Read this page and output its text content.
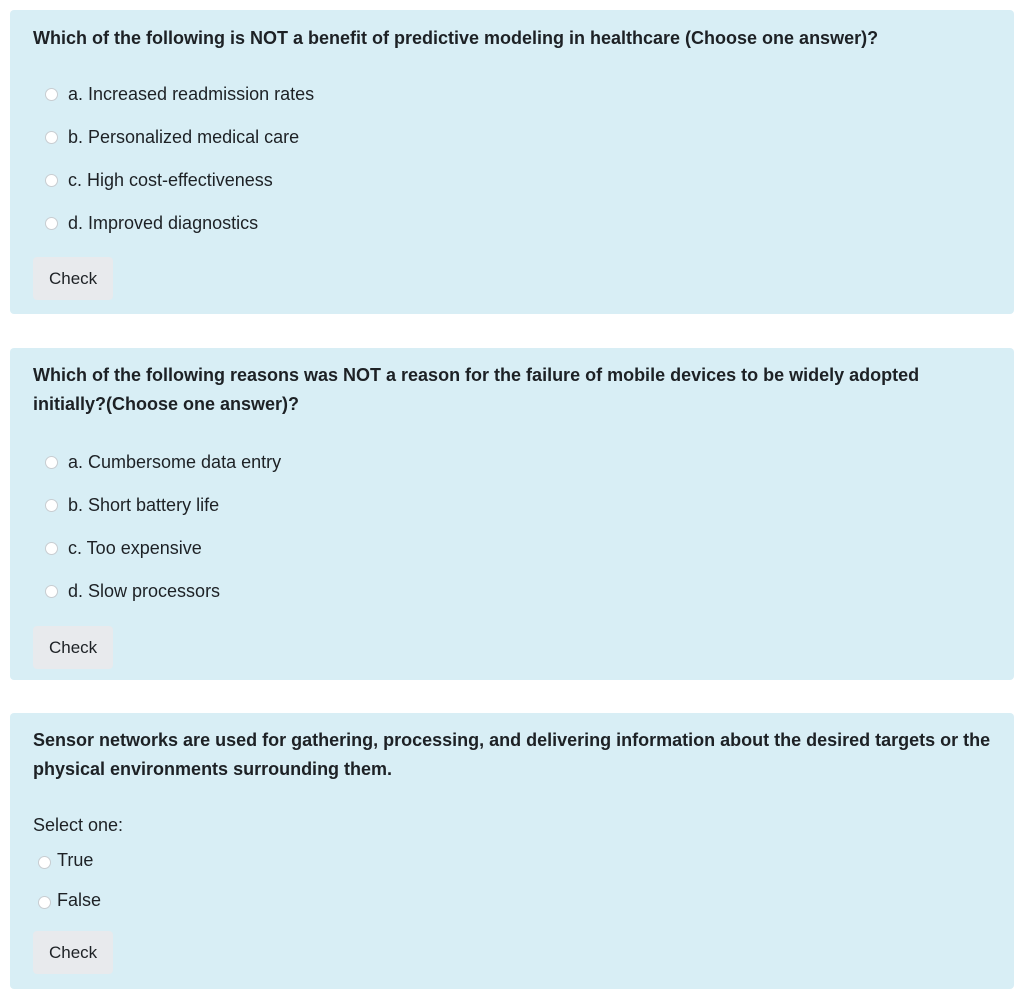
Which of the following is NOT a benefit of predictive modeling in healthcare (Choose one answer)?

a. Increased readmission rates
b. Personalized medical care
c. High cost-effectiveness
d. Improved diagnostics
Check

Which of the following reasons was NOT a reason for the failure of mobile devices to be widely adopted initially?(Choose one answer)?

a. Cumbersome data entry
b. Short battery life
c. Too expensive
d. Slow processors
Check

Sensor networks are used for gathering, processing, and delivering information about the desired targets or the physical environments surrounding them.

Select one:
True
False
Check
